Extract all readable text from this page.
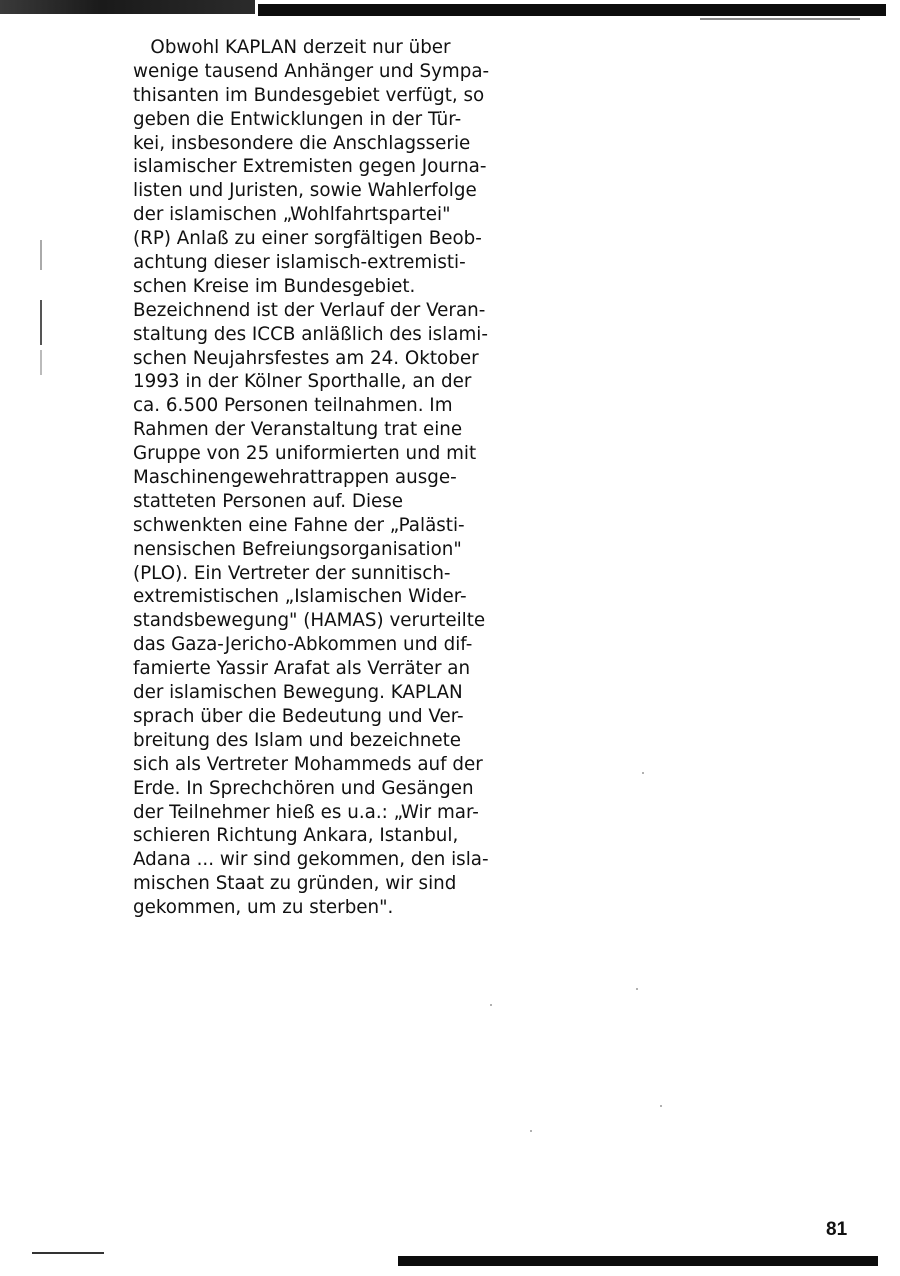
Obwohl KAPLAN derzeit nur über
wenige tausend Anhänger und Sympa-
thisanten im Bundesgebiet verfügt, so
geben die Entwicklungen in der Tür-
kei, insbesondere die Anschlagsserie
islamischer Extremisten gegen Journa-
listen und Juristen, sowie Wahlerfolge
der islamischen „Wohlfahrtspartei"
(RP) Anlaß zu einer sorgfältigen Beob-
achtung dieser islamisch-extremisti-
schen Kreise im Bundesgebiet.
Bezeichnend ist der Verlauf der Veran-
staltung des ICCB anläßlich des islami-
schen Neujahrsfestes am 24. Oktober
1993 in der Kölner Sporthalle, an der
ca. 6.500 Personen teilnahmen. Im
Rahmen der Veranstaltung trat eine
Gruppe von 25 uniformierten und mit
Maschinengewehrattrappen ausge-
statteten Personen auf. Diese
schwenkten eine Fahne der „Palästi-
nensischen Befreiungsorganisation"
(PLO). Ein Vertreter der sunnitisch-
extremistischen „Islamischen Wider-
standsbewegung" (HAMAS) verurteilte
das Gaza-Jericho-Abkommen und dif-
famierte Yassir Arafat als Verräter an
der islamischen Bewegung. KAPLAN
sprach über die Bedeutung und Ver-
breitung des Islam und bezeichnete
sich als Vertreter Mohammeds auf der
Erde. In Sprechchören und Gesängen
der Teilnehmer hieß es u.a.: „Wir mar-
schieren Richtung Ankara, Istanbul,
Adana ... wir sind gekommen, den isla-
mischen Staat zu gründen, wir sind
gekommen, um zu sterben".
81
